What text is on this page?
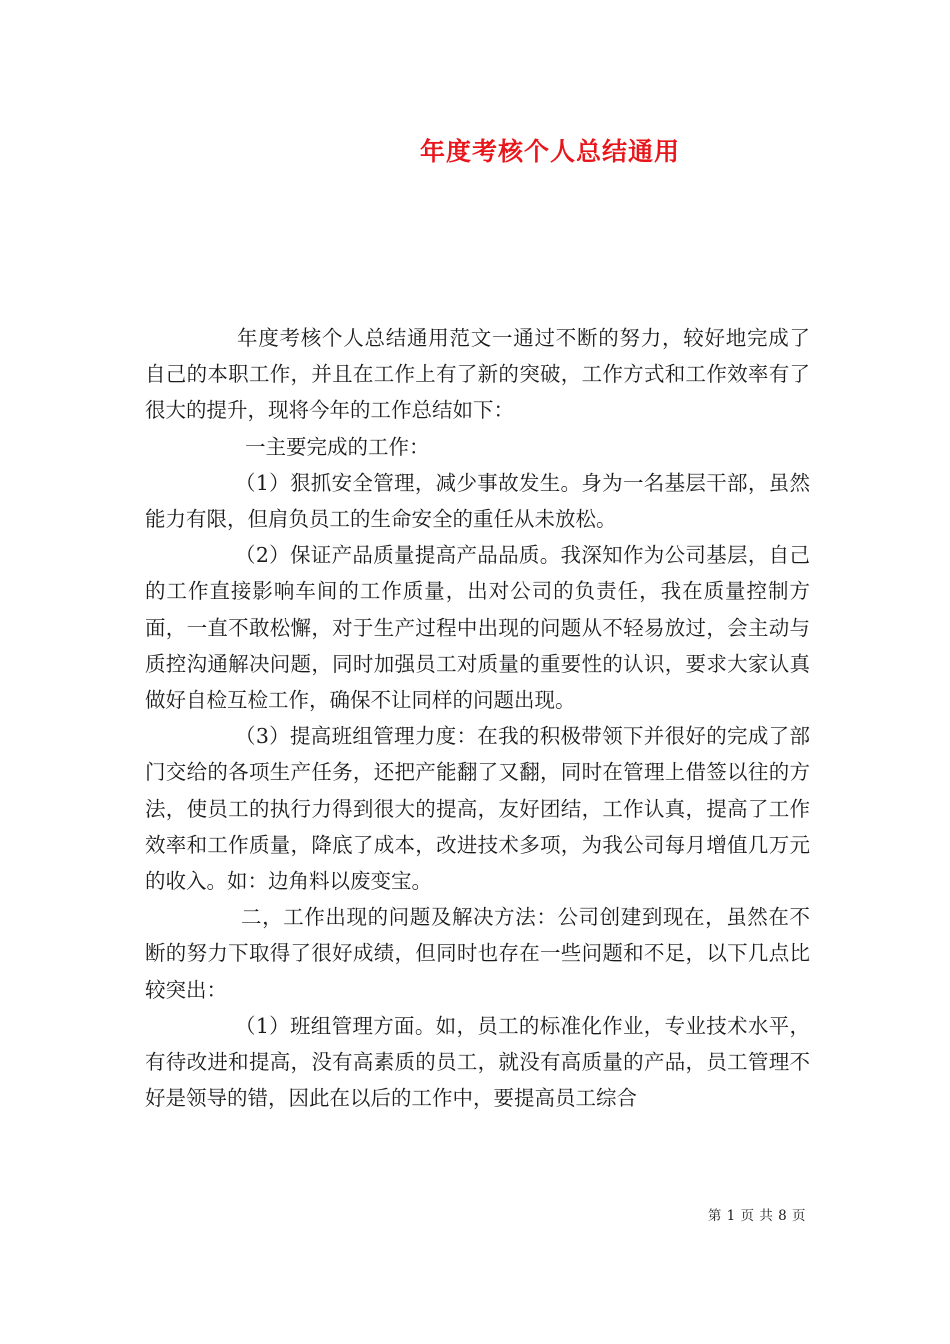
年度考核个人总结通用

年度考核个人总结通用范文一通过不断的努力，较好地完成了自己的本职工作，并且在工作上有了新的突破，工作方式和工作效率有了很大的提升，现将今年的工作总结如下：

一主要完成的工作：

（1）狠抓安全管理，减少事故发生。身为一名基层干部，虽然能力有限，但肩负员工的生命安全的重任从未放松。

（2）保证产品质量提高产品品质。我深知作为公司基层，自己的工作直接影响车间的工作质量，出对公司的负责任，我在质量控制方面，一直不敢松懈，对于生产过程中出现的问题从不轻易放过，会主动与质控沟通解决问题，同时加强员工对质量的重要性的认识，要求大家认真做好自检互检工作，确保不让同样的问题出现。

（3）提高班组管理力度：在我的积极带领下并很好的完成了部门交给的各项生产任务，还把产能翻了又翻，同时在管理上借签以往的方法，使员工的执行力得到很大的提高，友好团结，工作认真，提高了工作效率和工作质量，降底了成本，改进技术多项，为我公司每月增值几万元的收入。如：边角料以废变宝。

二，工作出现的问题及解决方法：公司创建到现在，虽然在不断的努力下取得了很好成绩，但同时也存在一些问题和不足，以下几点比较突出：

（1）班组管理方面。如，员工的标准化作业，专业技术水平，有待改进和提高，没有高素质的员工，就没有高质量的产品，员工管理不好是领导的错，因此在以后的工作中，要提高员工综合

第 1 页 共 8 页
